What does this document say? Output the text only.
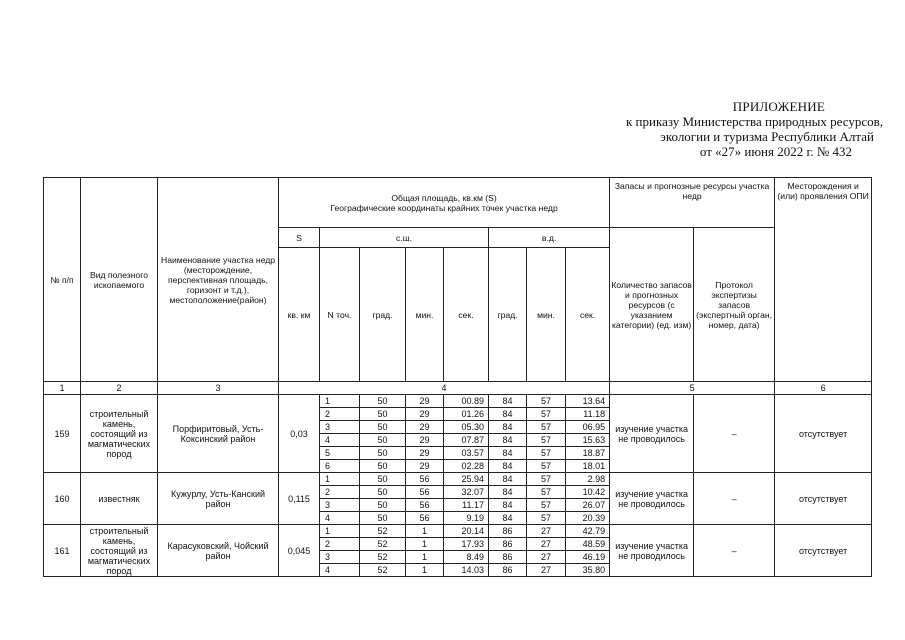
ПРИЛОЖЕНИЕ
к приказу Министерства природных ресурсов,
экологии и туризма Республики Алтай
от «27» июня 2022 г. № 432
№ п/п	Вид полезного ископаемого	Наименование участка недр (месторождение, перспективная площадь, горизонт и т.д.), местоположение(район)	Общая площадь, кв.км (S)
Географические координаты крайних точек участка недр								Запасы и прогнозные ресурсы участка недр		Месторождения и (или) проявления ОПИ
			S	с.ш.				в.д.			Количество запасов и прогнозных ресурсов (с указанием категории) (ед. изм)	Протокол экспертизы запасов (экспертный орган, номер, дата)	
			кв. км	N точ.	град.	мин.	сек.	град.	мин.	сек.			
1	2	3	4								5		6
159	строительный камень, состоящий из магматических пород	Порфиритовый, Усть-Коксинский район	0,03	1	50	29	00.89	84	57	13.64	изучение участка не проводилось	–	отсутствует
				2	50	29	01.26	84	57	11.18			
				3	50	29	05.30	84	57	06.95			
				4	50	29	07.87	84	57	15.63			
				5	50	29	03.57	84	57	18.87			
				6	50	29	02.28	84	57	18.01			
160	известняк	Кужурлу, Усть-Канский район	0,115	1	50	56	25.94	84	57	2.98	изучение участка не проводилось	–	отсутствует
				2	50	56	32.07	84	57	10.42			
				3	50	56	11.17	84	57	26.07			
				4	50	56	9.19	84	57	20.39			
161	строительный камень, состоящий из магматических пород	Карасуковский, Чойский район	0,045	1	52	1	20.14	86	27	42.79	изучение участка не проводилось	–	отсутствует
				2	52	1	17.93	86	27	48.59			
				3	52	1	8.49	86	27	46.19			
				4	52	1	14.03	86	27	35.80			
